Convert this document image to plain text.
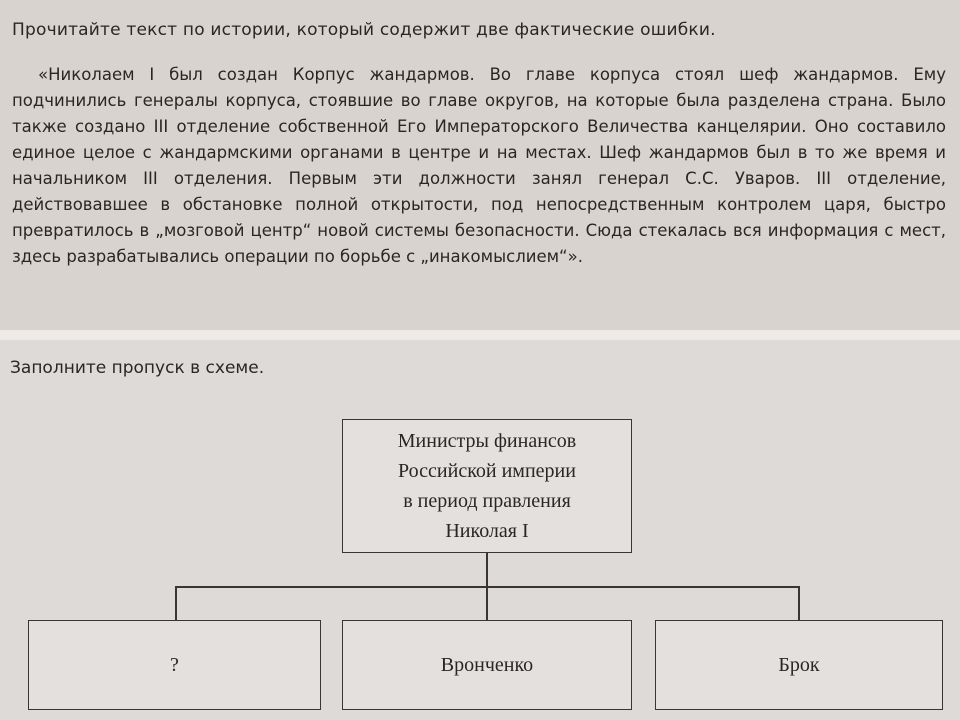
Прочитайте текст по истории, который содержит две фактические ошибки.

«Николаем I был создан Корпус жандармов. Во главе корпуса стоял шеф жандармов. Ему подчинились генералы корпуса, стоявшие во главе округов, на которые была разделена страна. Было также создано III отделение собственной Его Императорского Величества канцелярии. Оно составило единое целое с жандармскими органами в центре и на местах. Шеф жандармов был в то же время и начальником III отделения. Первым эти должности занял генерал С.С. Уваров. III отделение, действовавшее в обстановке полной открытости, под непосредственным контролем царя, быстро превратилось в „мозговой центр“ новой системы безопасности. Сюда стекалась вся информация с мест, здесь разрабатывались операции по борьбе с „инакомыслием“».

Заполните пропуск в схеме.
Министры финансов
Российской империи
в период правления
Николая I
?	Вронченко	Брок
